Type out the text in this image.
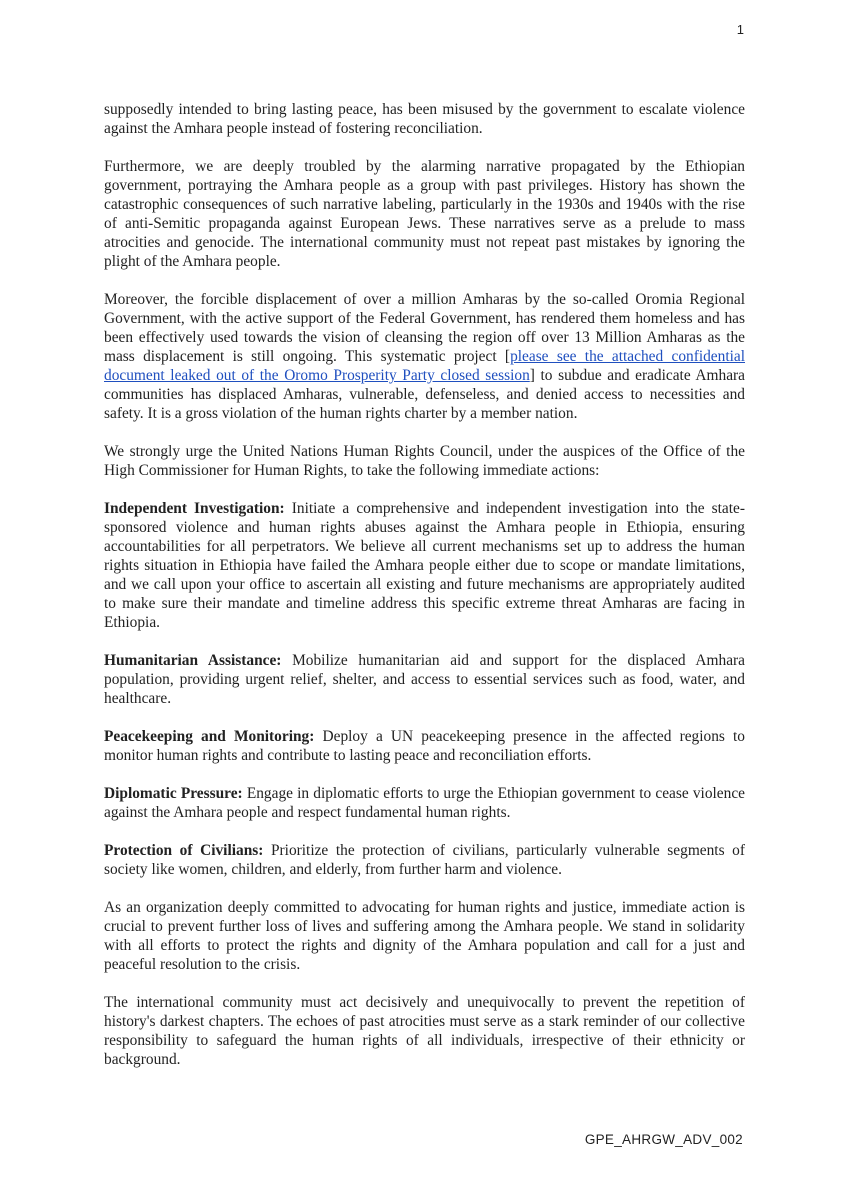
1

supposedly intended to bring lasting peace, has been misused by the government to escalate violence against the Amhara people instead of fostering reconciliation.

Furthermore, we are deeply troubled by the alarming narrative propagated by the Ethiopian government, portraying the Amhara people as a group with past privileges. History has shown the catastrophic consequences of such narrative labeling, particularly in the 1930s and 1940s with the rise of anti-Semitic propaganda against European Jews. These narratives serve as a prelude to mass atrocities and genocide. The international community must not repeat past mistakes by ignoring the plight of the Amhara people.

Moreover, the forcible displacement of over a million Amharas by the so-called Oromia Regional Government, with the active support of the Federal Government, has rendered them homeless and has been effectively used towards the vision of cleansing the region off over 13 Million Amharas as the mass displacement is still ongoing. This systematic project [please see the attached confidential document leaked out of the Oromo Prosperity Party closed session] to subdue and eradicate Amhara communities has displaced Amharas, vulnerable, defenseless, and denied access to necessities and safety. It is a gross violation of the human rights charter by a member nation.

We strongly urge the United Nations Human Rights Council, under the auspices of the Office of the High Commissioner for Human Rights, to take the following immediate actions:

Independent Investigation: Initiate a comprehensive and independent investigation into the state-sponsored violence and human rights abuses against the Amhara people in Ethiopia, ensuring accountabilities for all perpetrators. We believe all current mechanisms set up to address the human rights situation in Ethiopia have failed the Amhara people either due to scope or mandate limitations, and we call upon your office to ascertain all existing and future mechanisms are appropriately audited to make sure their mandate and timeline address this specific extreme threat Amharas are facing in Ethiopia.

Humanitarian Assistance: Mobilize humanitarian aid and support for the displaced Amhara population, providing urgent relief, shelter, and access to essential services such as food, water, and healthcare.

Peacekeeping and Monitoring: Deploy a UN peacekeeping presence in the affected regions to monitor human rights and contribute to lasting peace and reconciliation efforts.

Diplomatic Pressure: Engage in diplomatic efforts to urge the Ethiopian government to cease violence against the Amhara people and respect fundamental human rights.

Protection of Civilians: Prioritize the protection of civilians, particularly vulnerable segments of society like women, children, and elderly, from further harm and violence.

As an organization deeply committed to advocating for human rights and justice, immediate action is crucial to prevent further loss of lives and suffering among the Amhara people. We stand in solidarity with all efforts to protect the rights and dignity of the Amhara population and call for a just and peaceful resolution to the crisis.

The international community must act decisively and unequivocally to prevent the repetition of history's darkest chapters. The echoes of past atrocities must serve as a stark reminder of our collective responsibility to safeguard the human rights of all individuals, irrespective of their ethnicity or background.

GPE_AHRGW_ADV_002
